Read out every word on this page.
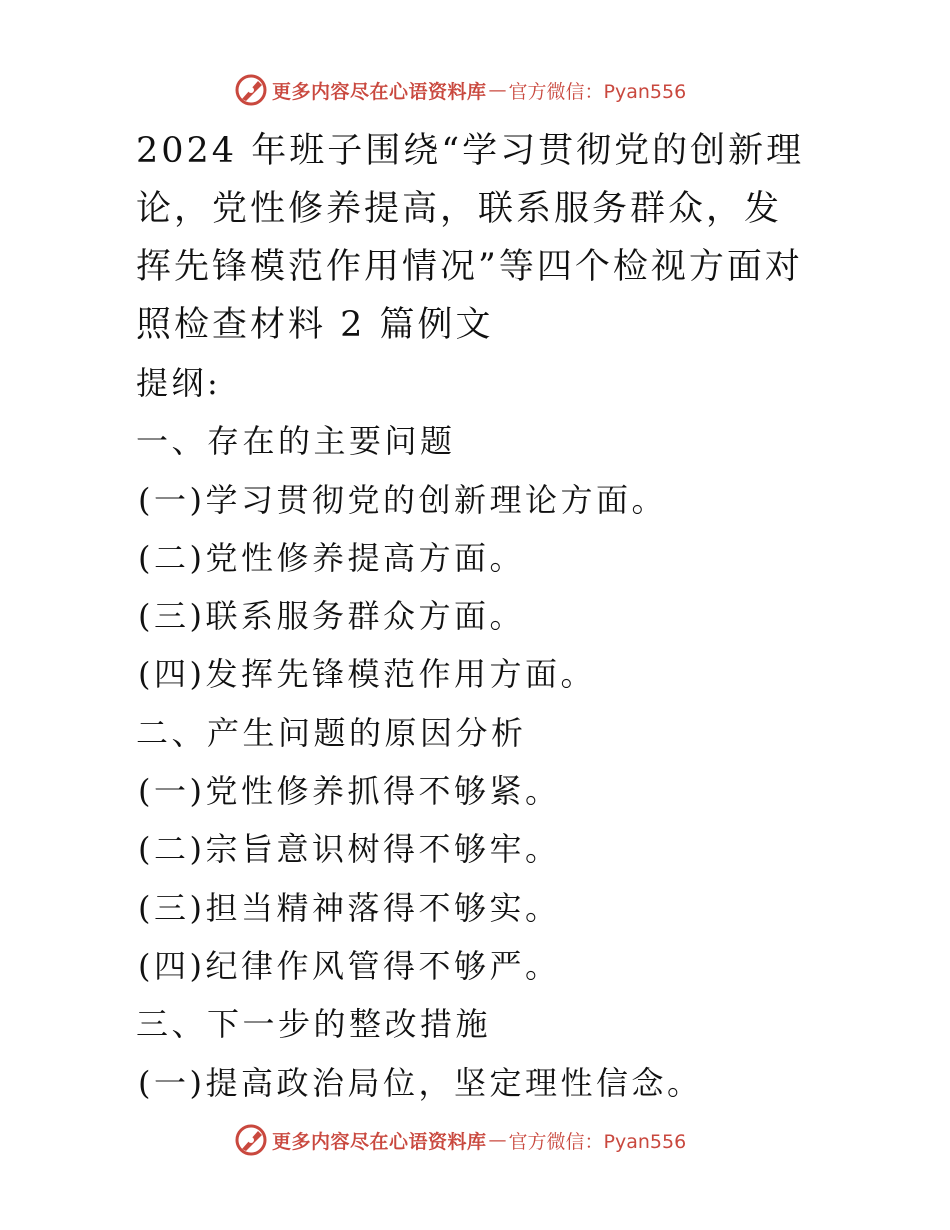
更多内容尽在心语资料库 — 官方微信：Pyan556
2024 年班子围绕“学习贯彻党的创新理论，党性修养提高，联系服务群众，发挥先锋模范作用情况”等四个检视方面对照检查材料 2 篇例文
提纲:
一、存在的主要问题
(一)学习贯彻党的创新理论方面。
(二)党性修养提高方面。
(三)联系服务群众方面。
(四)发挥先锋模范作用方面。
二、产生问题的原因分析
(一)党性修养抓得不够紧。
(二)宗旨意识树得不够牢。
(三)担当精神落得不够实。
(四)纪律作风管得不够严。
三、下一步的整改措施
(一)提高政治局位，坚定理性信念。
更多内容尽在心语资料库 — 官方微信：Pyan556
